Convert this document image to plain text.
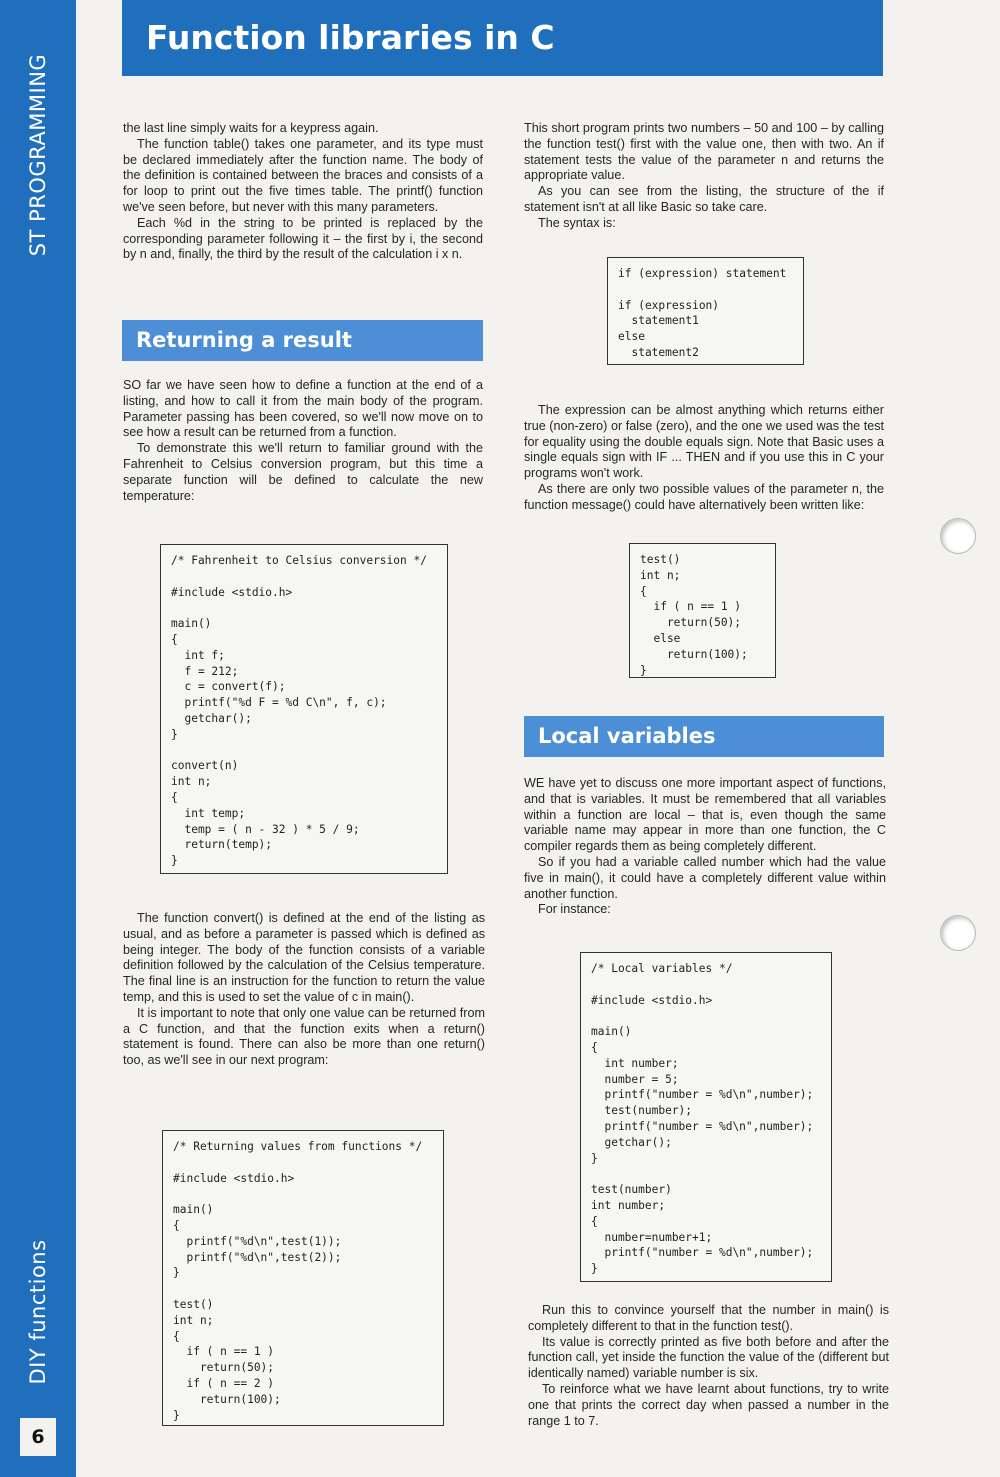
ST PROGRAMMING
DIY functions
6
Function libraries in C

the last line simply waits for a keypress again.

The function table() takes one parameter, and its type must be declared immediately after the function name. The body of the definition is contained between the braces and consists of a for loop to print out the five times table. The printf() function we've seen before, but never with this many parameters.

Each %d in the string to be printed is replaced by the corresponding parameter following it – the first by i, the second by n and, finally, the third by the result of the calculation i x n.

Returning a result

SO far we have seen how to define a function at the end of a listing, and how to call it from the main body of the program. Parameter passing has been covered, so we'll now move on to see how a result can be returned from a function.

To demonstrate this we'll return to familiar ground with the Fahrenheit to Celsius conversion program, but this time a separate function will be defined to calculate the new temperature:

/* Fahrenheit to Celsius conversion */

#include <stdio.h>

main()
{
int f;
f = 212;
c = convert(f);
printf("%d F = %d C\n", f, c);
getchar();
}

convert(n)
int n;
{
int temp;
temp = ( n - 32 ) * 5 / 9;
return(temp);
}

The function convert() is defined at the end of the listing as usual, and as before a parameter is passed which is defined as being integer. The body of the function consists of a variable definition followed by the calculation of the Celsius temperature. The final line is an instruction for the function to return the value temp, and this is used to set the value of c in main().

It is important to note that only one value can be returned from a C function, and that the function exits when a return() statement is found. There can also be more than one return() too, as we'll see in our next program:

/* Returning values from functions */

#include <stdio.h>

main()
{
printf("%d\n",test(1));
printf("%d\n",test(2));
}

test()
int n;
{
if ( n == 1 )
return(50);
if ( n == 2 )
return(100);
}

This short program prints two numbers – 50 and 100 – by calling the function test() first with the value one, then with two. An if statement tests the value of the parameter n and returns the appropriate value.

As you can see from the listing, the structure of the if statement isn't at all like Basic so take care.

The syntax is:

if (expression) statement

if (expression)
statement1
else
statement2

The expression can be almost anything which returns either true (non-zero) or false (zero), and the one we used was the test for equality using the double equals sign. Note that Basic uses a single equals sign with IF ... THEN and if you use this in C your programs won't work.

As there are only two possible values of the parameter n, the function message() could have alternatively been written like:

test()
int n;
{
if ( n == 1 )
return(50);
else
return(100);
}
Local variables

WE have yet to discuss one more important aspect of functions, and that is variables. It must be remembered that all variables within a function are local – that is, even though the same variable name may appear in more than one function, the C compiler regards them as being completely different.

So if you had a variable called number which had the value five in main(), it could have a completely different value within another function.

For instance:

/* Local variables */

#include <stdio.h>

main()
{
int number;
number = 5;
printf("number = %d\n",number);
test(number);
printf("number = %d\n",number);
getchar();
}

test(number)
int number;
{
number=number+1;
printf("number = %d\n",number);
}

Run this to convince yourself that the number in main() is completely different to that in the function test().

Its value is correctly printed as five both before and after the function call, yet inside the function the value of the (different but identically named) variable number is six.

To reinforce what we have learnt about functions, try to write one that prints the correct day when passed a number in the range 1 to 7.
